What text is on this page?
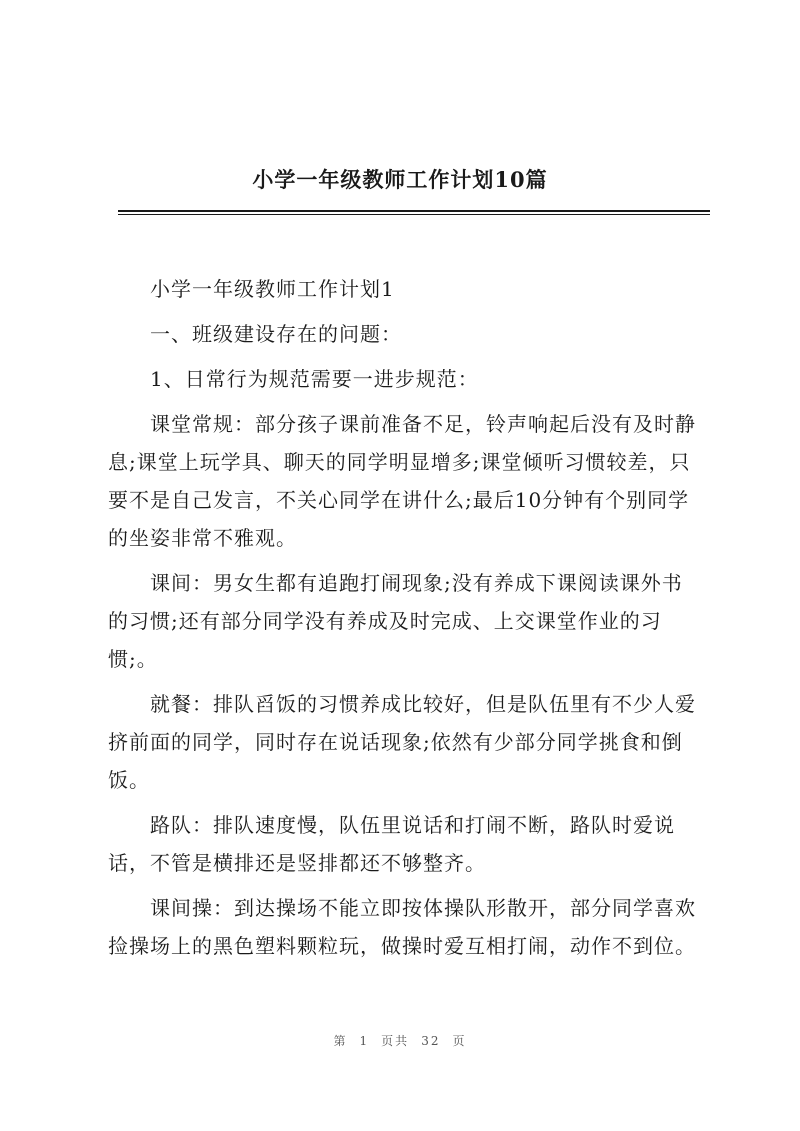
小学一年级教师工作计划10篇
小学一年级教师工作计划1
一、班级建设存在的问题：
1、日常行为规范需要一进步规范：
课堂常规：部分孩子课前准备不足，铃声响起后没有及时静
息;课堂上玩学具、聊天的同学明显增多;课堂倾听习惯较差，只
要不是自己发言，不关心同学在讲什么;最后10分钟有个别同学
的坐姿非常不雅观。
课间：男女生都有追跑打闹现象;没有养成下课阅读课外书
的习惯;还有部分同学没有养成及时完成、上交课堂作业的习
惯;。
就餐：排队舀饭的习惯养成比较好，但是队伍里有不少人爱
挤前面的同学，同时存在说话现象;依然有少部分同学挑食和倒
饭。
路队：排队速度慢，队伍里说话和打闹不断，路队时爱说
话，不管是横排还是竖排都还不够整齐。
课间操：到达操场不能立即按体操队形散开，部分同学喜欢
捡操场上的黑色塑料颗粒玩，做操时爱互相打闹，动作不到位。
第 1 页共 32 页
